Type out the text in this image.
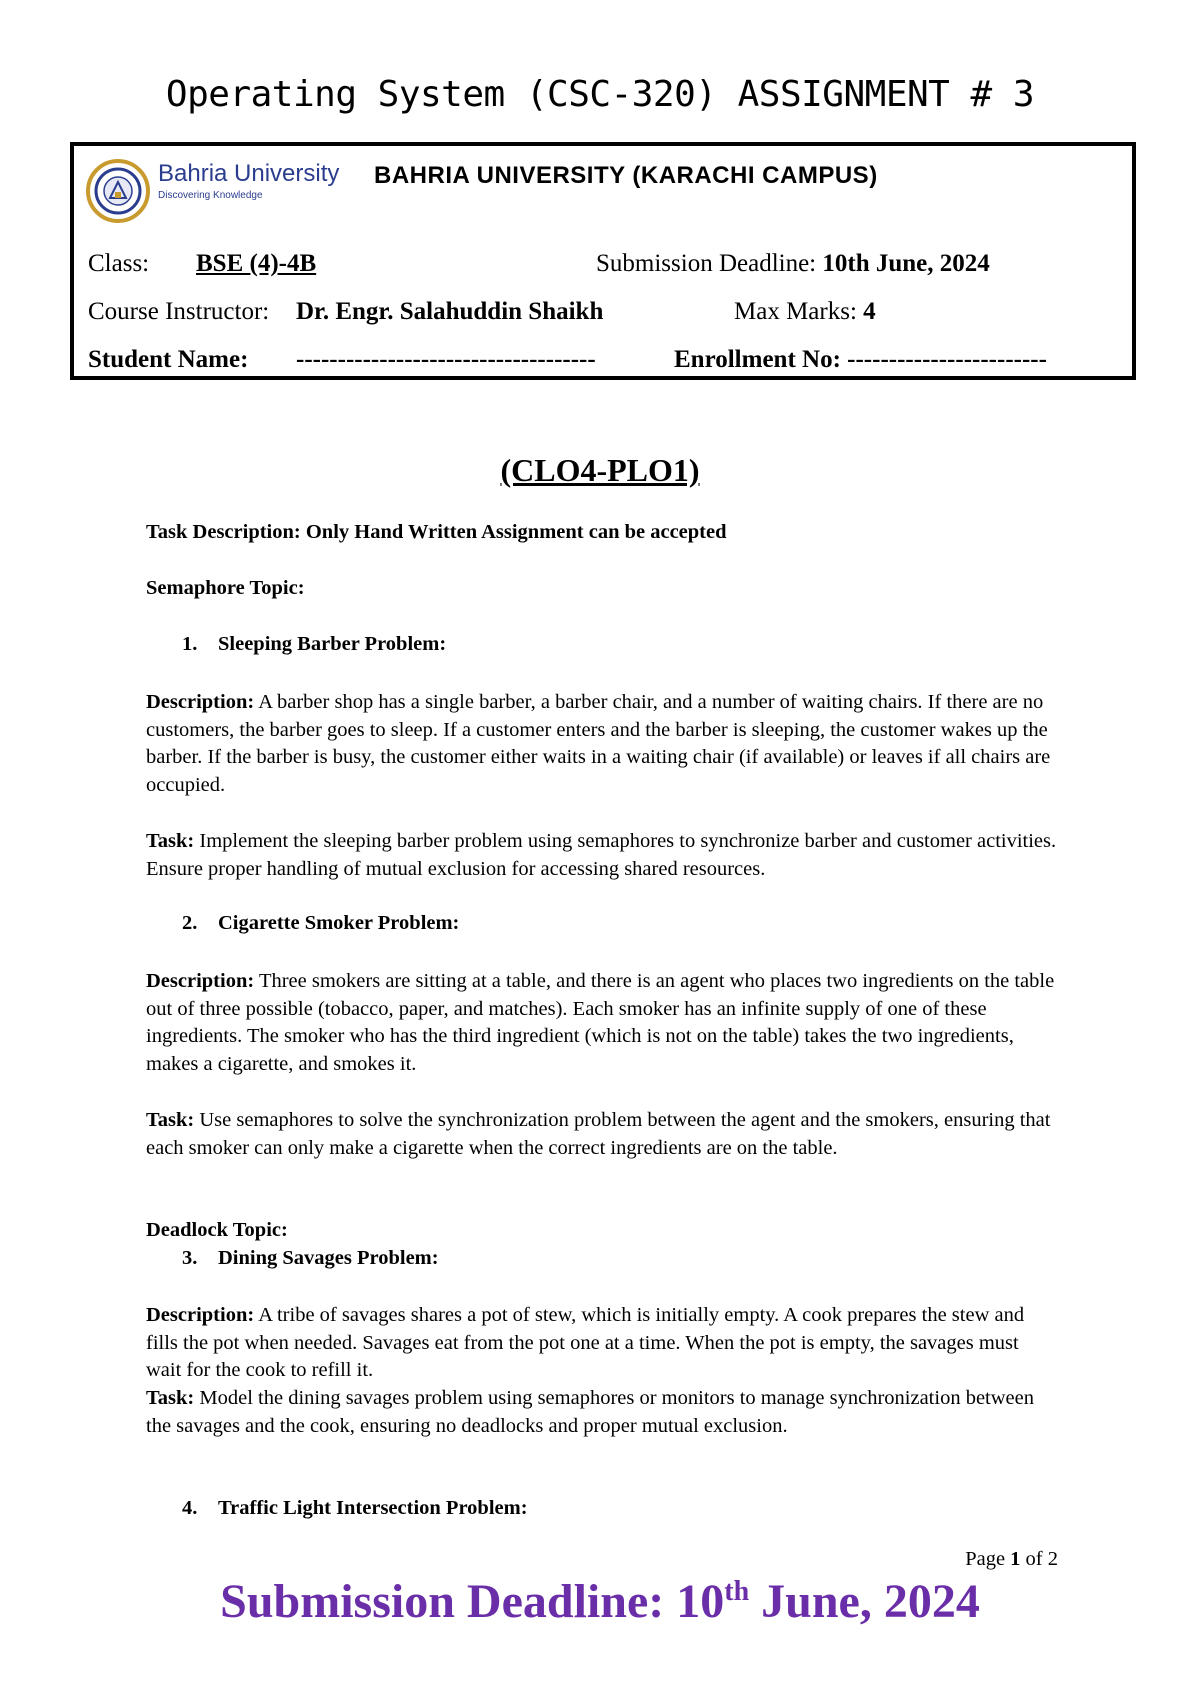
Operating System (CSC-320) ASSIGNMENT # 3
Bahria University
Discovering Knowledge
BAHRIA UNIVERSITY (KARACHI CAMPUS)
Class: BSE (4)-4B	Submission Deadline: 10th June, 2024
Course Instructor: Dr. Engr. Salahuddin Shaikh	Max Marks: 4
Student Name: ------------------------------------	Enrollment No: ------------------------
(CLO4-PLO1)
Task Description: Only Hand Written Assignment can be accepted
Semaphore Topic:
1. Sleeping Barber Problem:
Description: A barber shop has a single barber, a barber chair, and a number of waiting chairs. If there are no customers, the barber goes to sleep. If a customer enters and the barber is sleeping, the customer wakes up the barber. If the barber is busy, the customer either waits in a waiting chair (if available) or leaves if all chairs are occupied.
Task: Implement the sleeping barber problem using semaphores to synchronize barber and customer activities. Ensure proper handling of mutual exclusion for accessing shared resources.
2. Cigarette Smoker Problem:
Description: Three smokers are sitting at a table, and there is an agent who places two ingredients on the table out of three possible (tobacco, paper, and matches). Each smoker has an infinite supply of one of these ingredients. The smoker who has the third ingredient (which is not on the table) takes the two ingredients, makes a cigarette, and smokes it.
Task: Use semaphores to solve the synchronization problem between the agent and the smokers, ensuring that each smoker can only make a cigarette when the correct ingredients are on the table.
Deadlock Topic:
3. Dining Savages Problem:
Description: A tribe of savages shares a pot of stew, which is initially empty. A cook prepares the stew and fills the pot when needed. Savages eat from the pot one at a time. When the pot is empty, the savages must wait for the cook to refill it.
Task: Model the dining savages problem using semaphores or monitors to manage synchronization between the savages and the cook, ensuring no deadlocks and proper mutual exclusion.
4. Traffic Light Intersection Problem:
Page 1 of 2
Submission Deadline: 10th June, 2024
